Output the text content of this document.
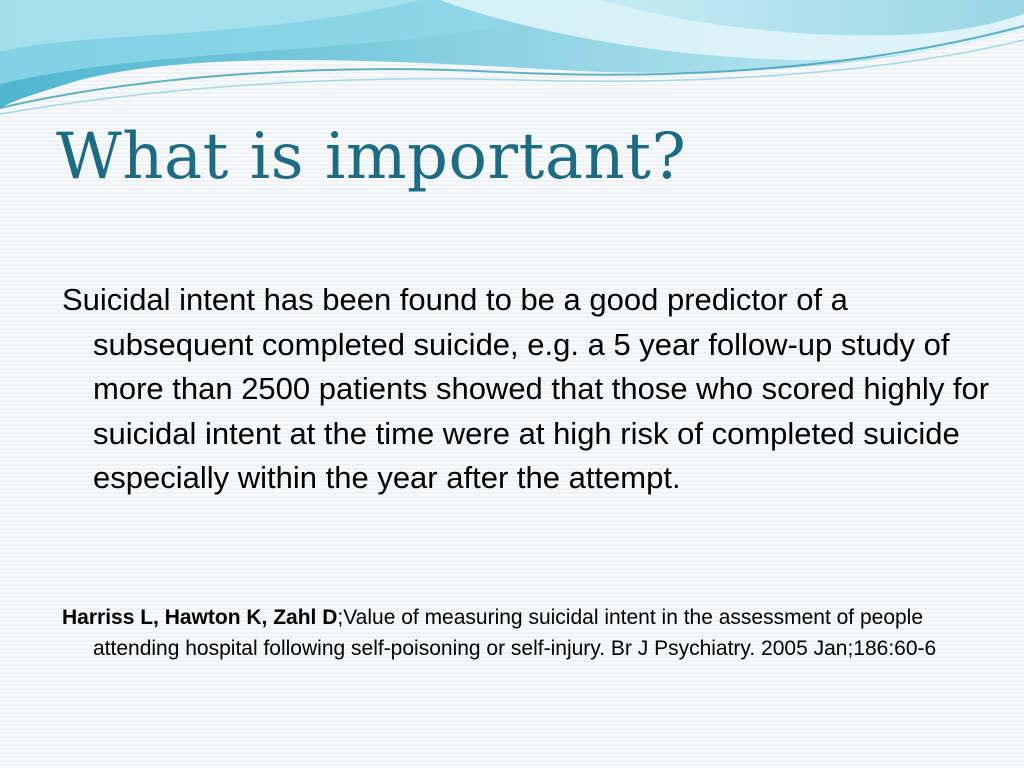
What is important?

Suicidal intent has been found to be a good predictor of a subsequent completed suicide, e.g. a 5 year follow-up study of more than 2500 patients showed that those who scored highly for suicidal intent at the time were at high risk of completed suicide especially within the year after the attempt.

Harriss L, Hawton K, Zahl D;Value of measuring suicidal intent in the assessment of people attending hospital following self-poisoning or self-injury. Br J Psychiatry. 2005 Jan;186:60-6
